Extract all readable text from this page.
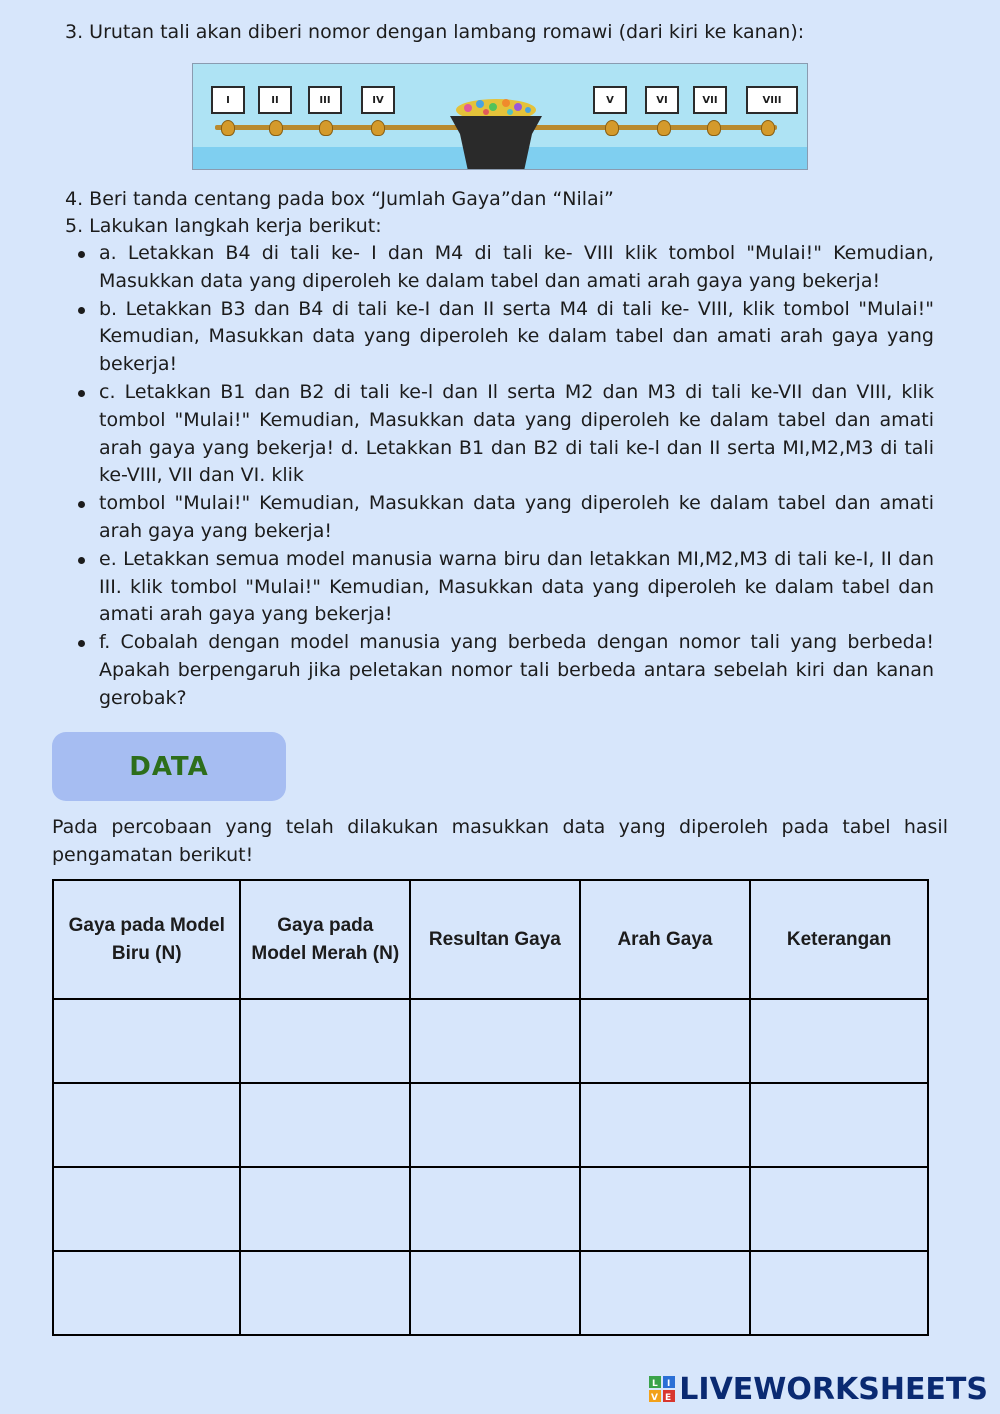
3. Urutan tali akan diberi nomor dengan lambang romawi (dari kiri ke kanan):
I	II	III	IV	V	VI	VII	VIII
4. Beri tanda centang pada box “Jumlah Gaya”dan “Nilai”
5. Lakukan langkah kerja berikut:
a. Letakkan B4 di tali ke- I dan M4 di tali ke- VIII klik tombol "Mulai!" Kemudian, Masukkan data yang diperoleh ke dalam tabel dan amati arah gaya yang bekerja!
b. Letakkan B3 dan B4 di tali ke-I dan II serta M4 di tali ke- VIII, klik tombol "Mulai!" Kemudian, Masukkan data yang diperoleh ke dalam tabel dan amati arah gaya yang bekerja!
c. Letakkan B1 dan B2 di tali ke-l dan Il serta M2 dan M3 di tali ke-VII dan VIII, klik tombol "Mulai!" Kemudian, Masukkan data yang diperoleh ke dalam tabel dan amati arah gaya yang bekerja! d. Letakkan B1 dan B2 di tali ke-l dan II serta MI,M2,M3 di tali ke-VIII, VII dan VI. klik
tombol "Mulai!" Kemudian, Masukkan data yang diperoleh ke dalam tabel dan amati arah gaya yang bekerja!
e. Letakkan semua model manusia warna biru dan letakkan MI,M2,M3 di tali ke-I, II dan III. klik tombol "Mulai!" Kemudian, Masukkan data yang diperoleh ke dalam tabel dan amati arah gaya yang bekerja!
f. Cobalah dengan model manusia yang berbeda dengan nomor tali yang berbeda! Apakah berpengaruh jika peletakan nomor tali berbeda antara sebelah kiri dan kanan gerobak?
DATA
Pada percobaan yang telah dilakukan masukkan data yang diperoleh pada tabel hasil pengamatan berikut!
Gaya pada Model Biru (N)	Gaya pada Model Merah (N)	Resultan Gaya	Arah Gaya	Keterangan

L I
V E LIVEWORKSHEETS
